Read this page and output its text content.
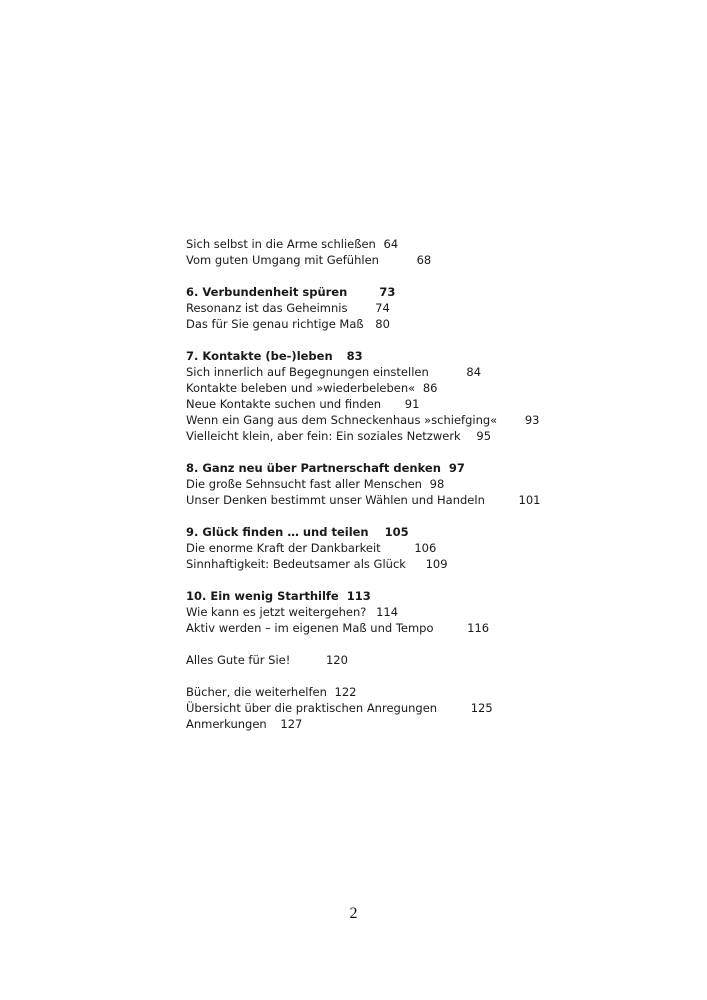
Sich selbst in die Arme schließen 64
Vom guten Umgang mit Gefühlen	68
6. Verbundenheit spüren	73
Resonanz ist das Geheimnis 74
Das für Sie genau richtige Maß 80
7. Kontakte (be-)leben 83
Sich innerlich auf Begegnungen einstellen	84
Kontakte beleben und »wiederbeleben« 86
Neue Kontakte suchen und finden 91
Wenn ein Gang aus dem Schneckenhaus »schiefging« 93
Vielleicht klein, aber fein: Ein soziales Netzwerk 95
8. Ganz neu über Partnerschaft denken 97
Die große Sehnsucht fast aller Menschen 98
Unser Denken bestimmt unser Wählen und Handeln	101
9. Glück finden … und teilen 105
Die enorme Kraft der Dankbarkeit	106
Sinnhaftigkeit: Bedeutsamer als Glück 109
10. Ein wenig Starthilfe 113
Wie kann es jetzt weitergehen? 114
Aktiv werden – im eigenen Maß und Tempo	116
Alles Gute für Sie!	120
Bücher, die weiterhelfen 122
Übersicht über die praktischen Anregungen	125
Anmerkungen 127
2
